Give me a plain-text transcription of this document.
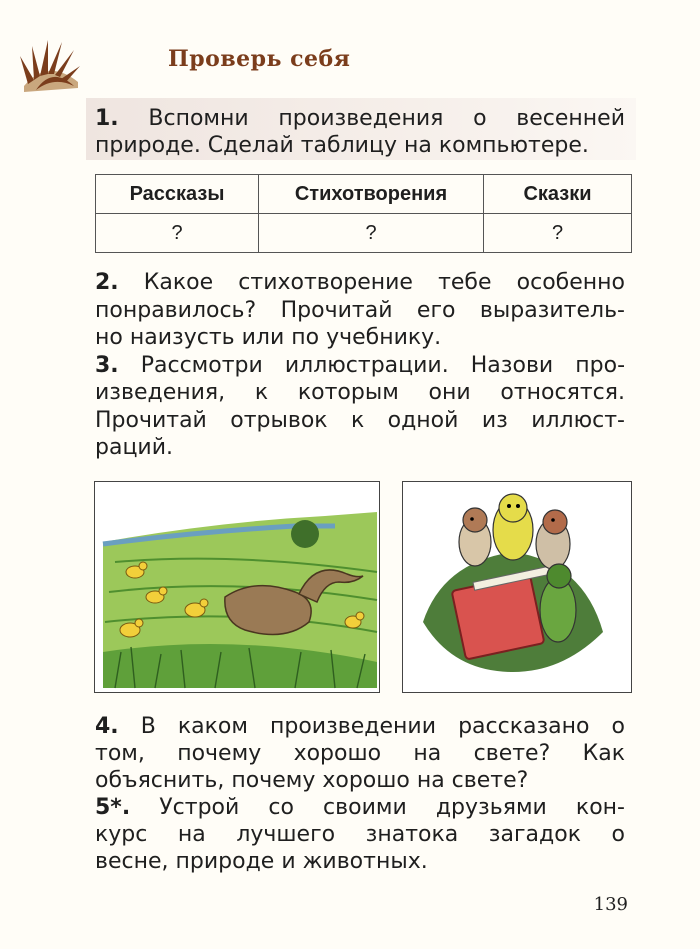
Проверь себя
1. Вспомни произведения о весенней
природе. Сделай таблицу на компьютере.
Рассказы	Стихотворения	Сказки
?	?	?
2. Какое стихотворение тебе особенно
понравилось? Прочитай его выразитель-
но наизусть или по учебнику.
3. Рассмотри иллюстрации. Назови про-
изведения, к которым они относятся.
Прочитай отрывок к одной из иллюст-
раций.
4. В каком произведении рассказано о
том, почему хорошо на свете? Как
объяснить, почему хорошо на свете?
5*. Устрой со своими друзьями кон-
курс на лучшего знатока загадок о
весне, природе и животных.
139
